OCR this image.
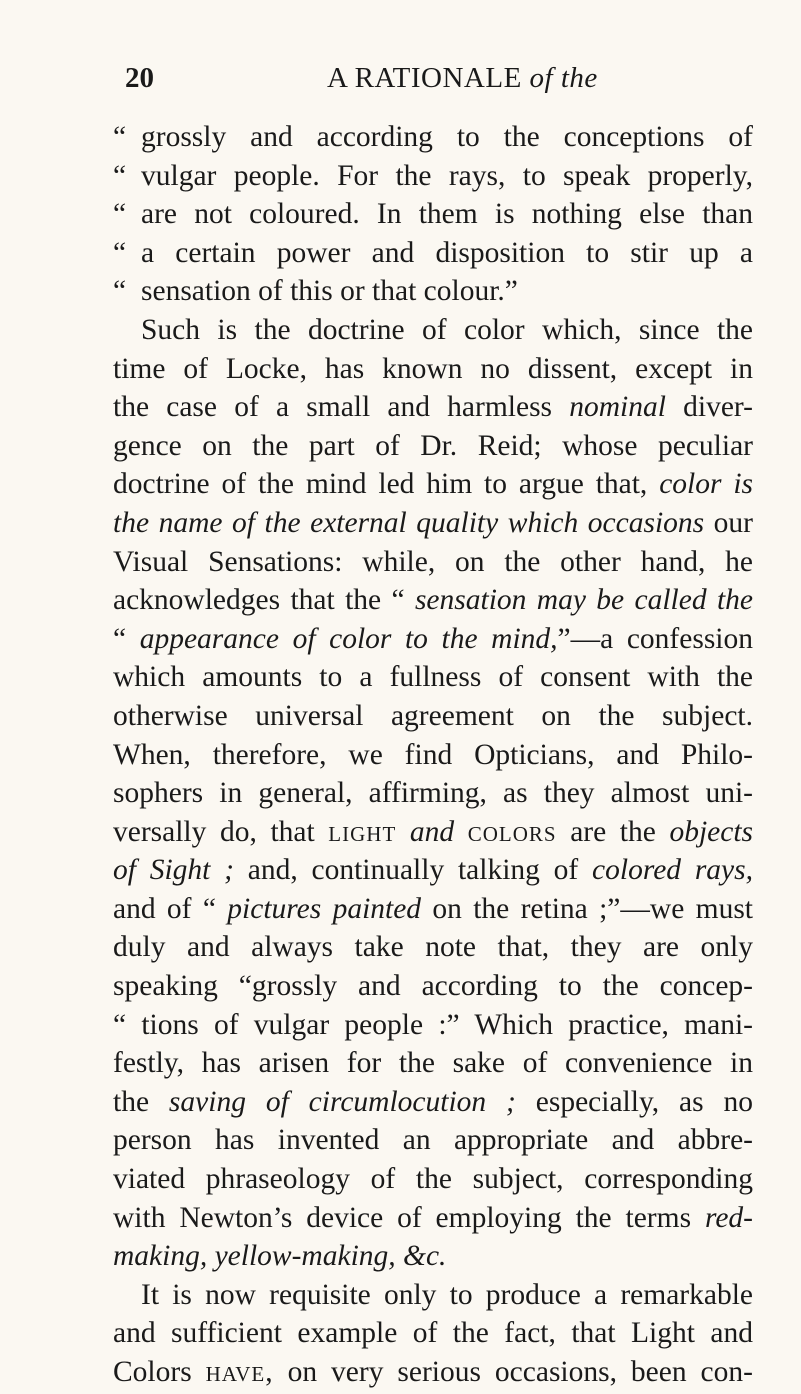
20	A RATIONALE of the
“ grossly and according to the conceptions of
“ vulgar people. For the rays, to speak properly,
“ are not coloured. In them is nothing else than
“ a certain power and disposition to stir up a
“ sensation of this or that colour.”
Such is the doctrine of color which, since the
time of Locke, has known no dissent, except in
the case of a small and harmless nominal diver-
gence on the part of Dr. Reid; whose peculiar
doctrine of the mind led him to argue that, color is
the name of the external quality which occasions our
Visual Sensations: while, on the other hand, he
acknowledges that the “ sensation may be called the
“ appearance of color to the mind,”—a confession
which amounts to a fullness of consent with the
otherwise universal agreement on the subject.
When, therefore, we find Opticians, and Philo-
sophers in general, affirming, as they almost uni-
versally do, that light and colors are the objects
of Sight ; and, continually talking of colored rays,
and of “ pictures painted on the retina ;”—we must
duly and always take note that, they are only
speaking “grossly and according to the concep-
“ tions of vulgar people :” Which practice, mani-
festly, has arisen for the sake of convenience in
the saving of circumlocution ; especially, as no
person has invented an appropriate and abbre-
viated phraseology of the subject, corresponding
with Newton’s device of employing the terms red-
making, yellow-making, &c.
It is now requisite only to produce a remarkable
and sufficient example of the fact, that Light and
Colors have, on very serious occasions, been con-
